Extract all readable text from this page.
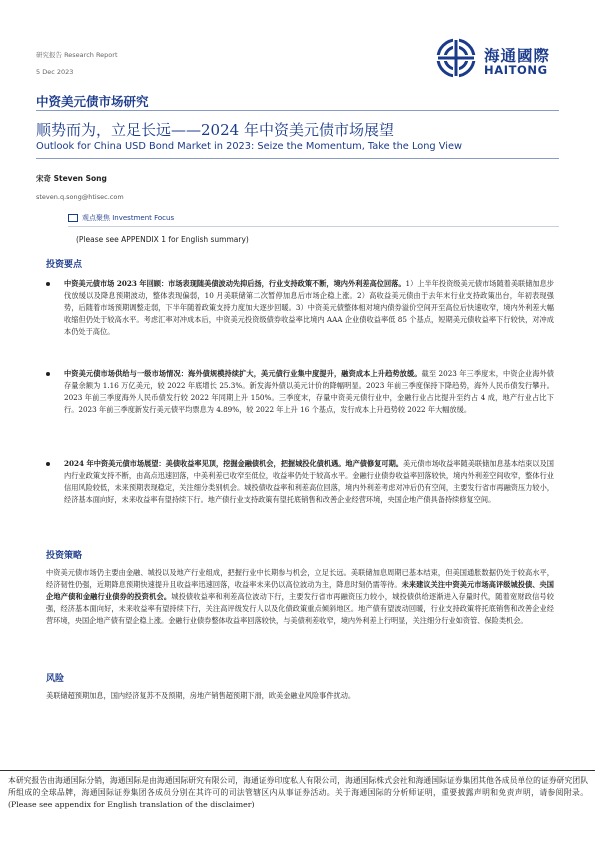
研究报告 Research Report
5 Dec 2023
海通國際
HAITONG
中资美元债市场研究
顺势而为，立足长远——2024 年中资美元债市场展望
Outlook for China USD Bond Market in 2023: Seize the Momentum, Take the Long View
宋奇 Steven Song
steven.q.song@htisec.com
观点聚焦 Investment Focus
(Please see APPENDIX 1 for English summary)
投资要点
中资美元债市场 2023 年回顾：市场表现随美债波动先抑后扬，行业支持政策不断，境内外利差高位回落。1）上半年投资级美元债市场随着美联储加息步伐放缓以及降息预期波动，整体表现偏弱，10 月美联储第二次暂停加息后市场企稳上涨。2）高收益美元债由于去年末行业支持政策出台，年初表现强势，后随着市场预期调整走弱，下半年随着政策支持力度加大逐步回暖。3）中资美元债整体相对境内债券溢价空间开至高位后快速收窄，境内外利差大幅收缩但仍处于较高水平。考虑汇率对冲成本后，中资美元投资级债券收益率比境内 AAA 企业债收益率低 85 个基点，短期美元债收益率下行较快，对冲成本仍处于高位。
中资美元债市场供给与一级市场情况：海外债规模持续扩大，美元债行业集中度提升，融资成本上升趋势放缓。截至 2023 年三季度末，中资企业海外债存量余额为 1.16 万亿美元，较 2022 年底增长 25.3%。新发海外债以美元计价的降幅明显。2023 年前三季度保持下降趋势，海外人民币债发行攀升。2023 年前三季度海外人民币债发行较 2022 年同期上升 150%。三季度末，存量中资美元债行业中，金融行业占比提升至约占 4 成，地产行业占比下行。2023 年前三季度新发行美元债平均票息为 4.89%，较 2022 年上升 16 个基点，发行成本上升趋势较 2022 年大幅放缓。
2024 年中资美元债市场展望：美债收益率见顶，挖掘金融债机会，把握城投化债机遇。地产债修复可期。美元债市场收益率随美联储加息基本结束以及国内行业政策支持不断，由高点迅速回落，中美利差已收窄至低位，收益率仍处于较高水平。金融行业债券收益率回落较快，境内外利差空间收窄，整体行业信用风险较低，未来预期表现稳定，关注细分类别机会。城投债收益率和利差高位回落，境内外利差考虑对冲后仍有空间，主要发行省市再融资压力较小，经济基本面向好，未来收益率有望持续下行。地产债行业支持政策有望托底销售和改善企业经营环境，央国企地产债具备持续修复空间。
投资策略
中资美元债市场仍主要由金融、城投以及地产行业组成，把握行业中长期参与机会，立足长远。美联储加息周期已基本结束，但美国通胀数据仍处于较高水平，经济韧性仍强，近期降息预期快速提升且收益率迅速回落，收益率未来仍以高位波动为主，降息时刻仍需等待。未来建议关注中资美元市场高评级城投债、央国企地产债和金融行业债券的投资机会。城投债收益率和利差高位波动下行，主要发行省市再融资压力较小，城投债供给逐渐进入存量时代，随着宽财政信号较强，经济基本面向好，未来收益率有望持续下行，关注高评级发行人以及化债政策重点倾斜地区。地产债有望波动回暖，行业支持政策将托底销售和改善企业经营环境，央国企地产债有望企稳上涨。金融行业债券整体收益率回落较快，与美债利差收窄，境内外利差上行明显，关注细分行业如资管、保险类机会。
风险
美联储超预期加息，国内经济复苏不及预期，房地产销售超预期下滑，欧美金融业风险事件扰动。
本研究报告由海通国际分销，海通国际是由海通国际研究有限公司，海通证券印度私人有限公司，海通国际株式会社和海通国际证券集团其他各成员单位的证券研究团队所组成的全球品牌，海通国际证券集团各成员分别在其许可的司法管辖区内从事证券活动。关于海通国际的分析师证明，重要披露声明和免责声明，请参阅附录。(Please see appendix for English translation of the disclaimer)
